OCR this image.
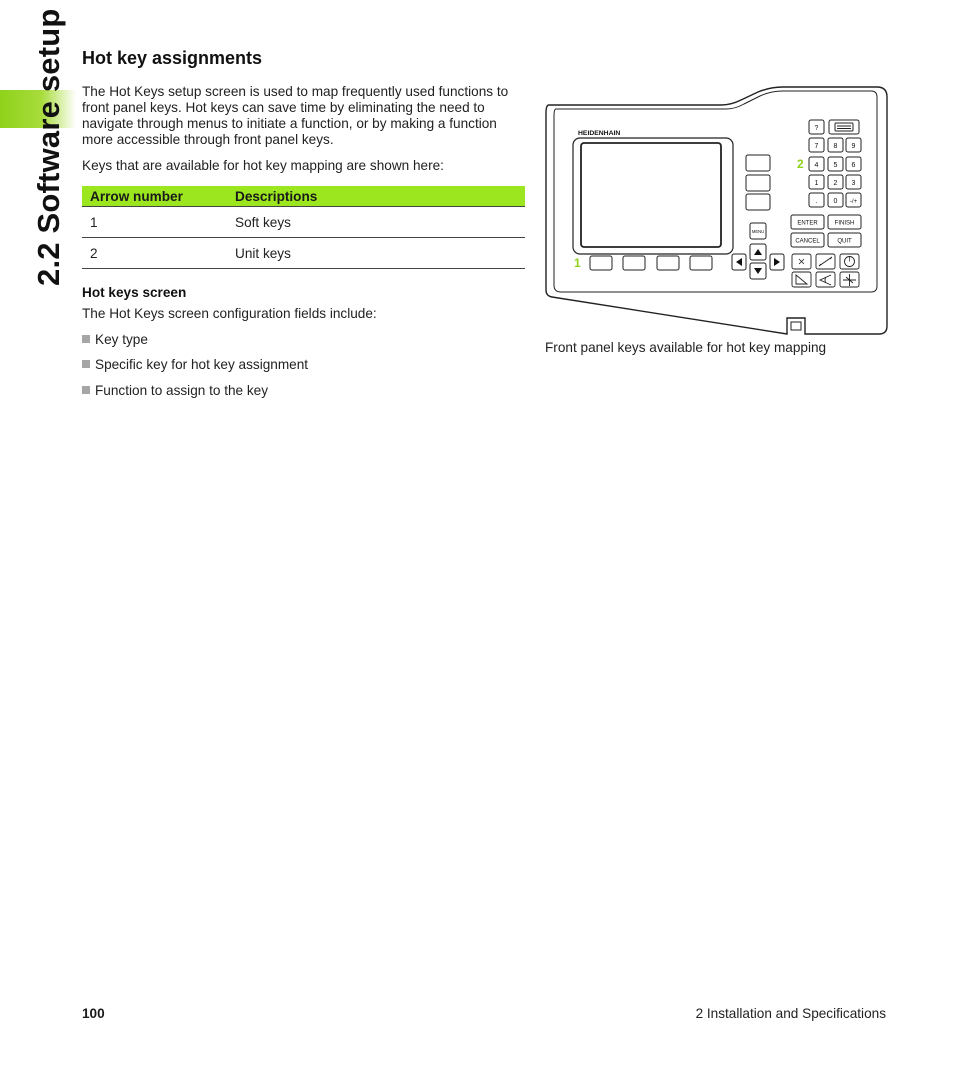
2.2 Software setup Hot key assignments
The Hot Keys setup screen is used to map frequently used functions to front panel keys. Hot keys can save time by eliminating the need to navigate through menus to initiate a function, or by making a function more accessible through front panel keys.
Keys that are available for hot key mapping are shown here:
Arrow number	Descriptions
1	Soft keys
2	Unit keys
Hot keys screen
The Hot Keys screen configuration fields include:
Key type
Specific key for hot key assignment
Function to assign to the key
HEIDENHAIN
1
MENU
?
7 8 9
4 5 6
1 2 3
. 0 -/+
2
ENTER	FINISH
CANCEL	QUIT
Front panel keys available for hot key mapping
100	2 Installation and Specifications
